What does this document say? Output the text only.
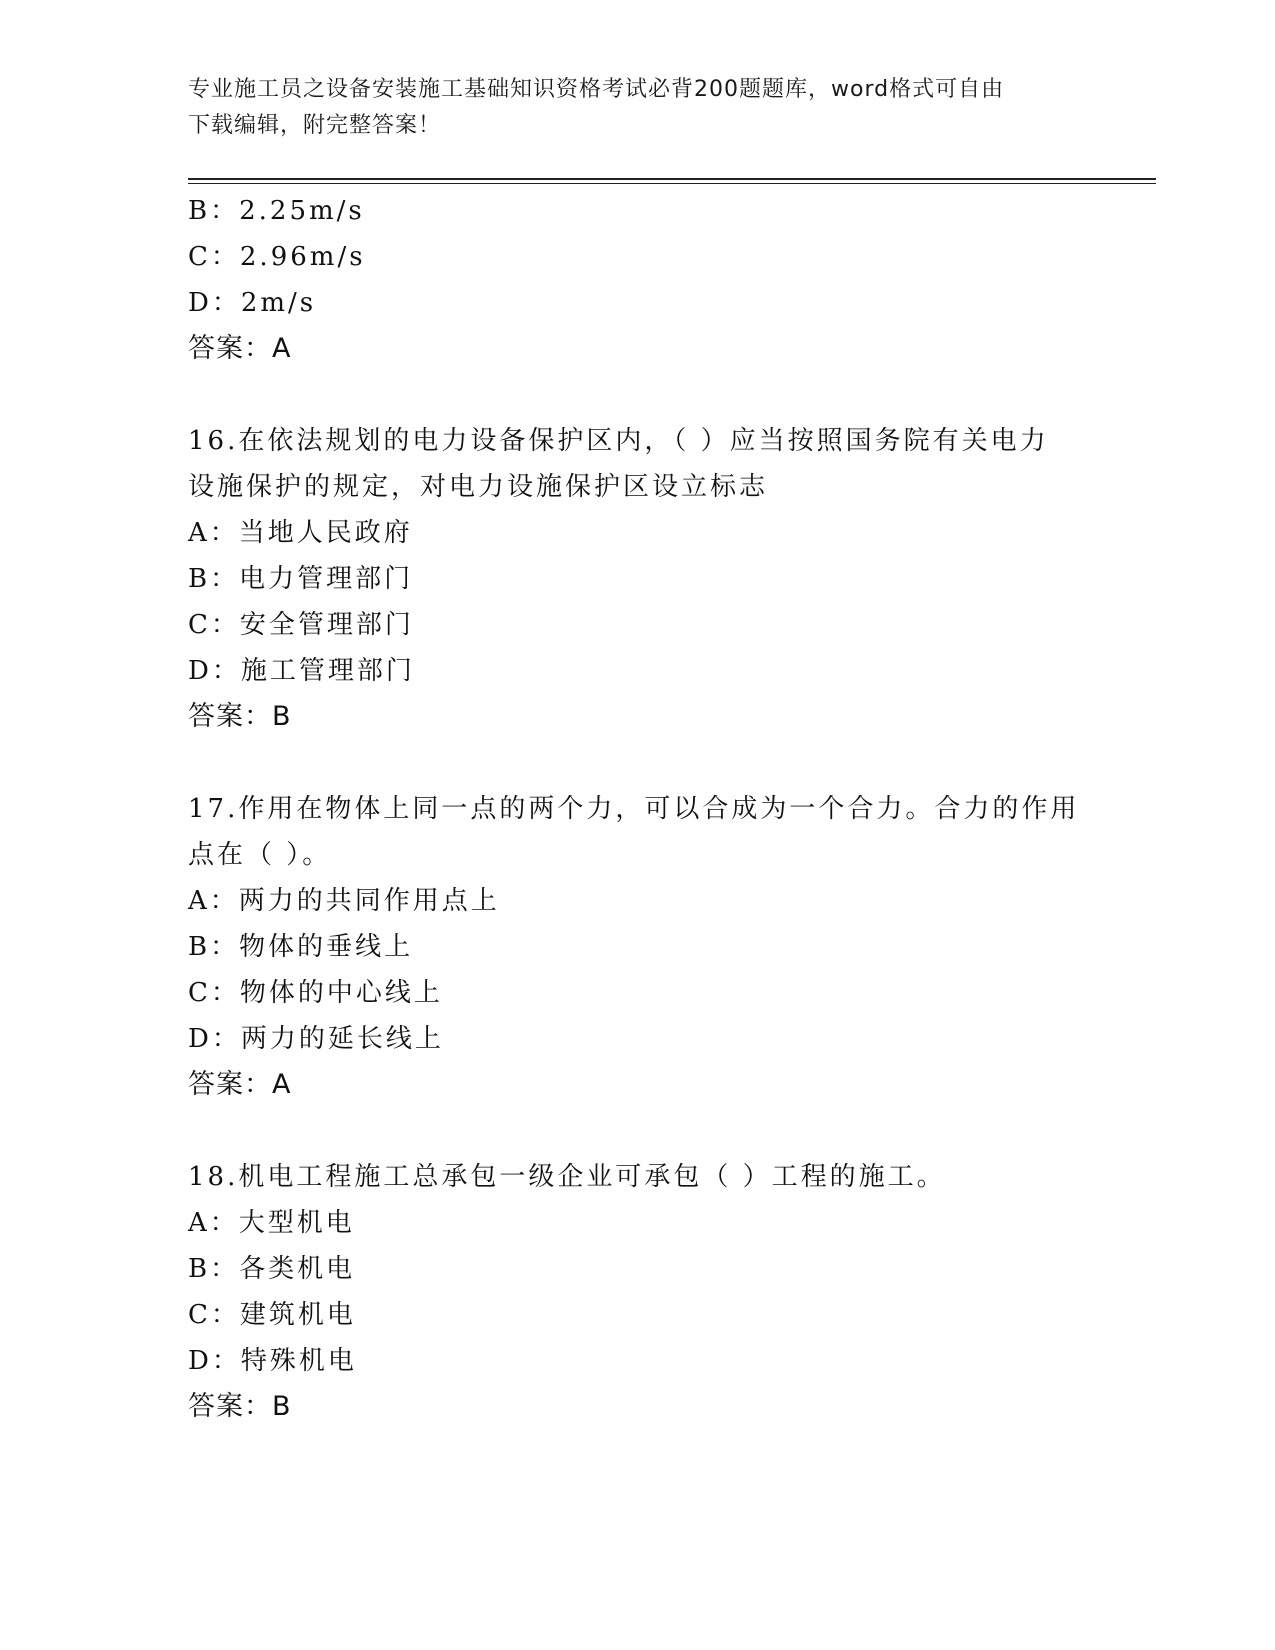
专业施工员之设备安装施工基础知识资格考试必背200题题库，word格式可自由
下载编辑，附完整答案！
B：2.25m/s
C：2.96m/s
D：2m/s
答案：A
16.在依法规划的电力设备保护区内，（ ）应当按照国务院有关电力
设施保护的规定，对电力设施保护区设立标志
A：当地人民政府
B：电力管理部门
C：安全管理部门
D：施工管理部门
答案：B
17.作用在物体上同一点的两个力，可以合成为一个合力。合力的作用
点在（ ）。
A：两力的共同作用点上
B：物体的垂线上
C：物体的中心线上
D：两力的延长线上
答案：A
18.机电工程施工总承包一级企业可承包（ ）工程的施工。
A：大型机电
B：各类机电
C：建筑机电
D：特殊机电
答案：B
